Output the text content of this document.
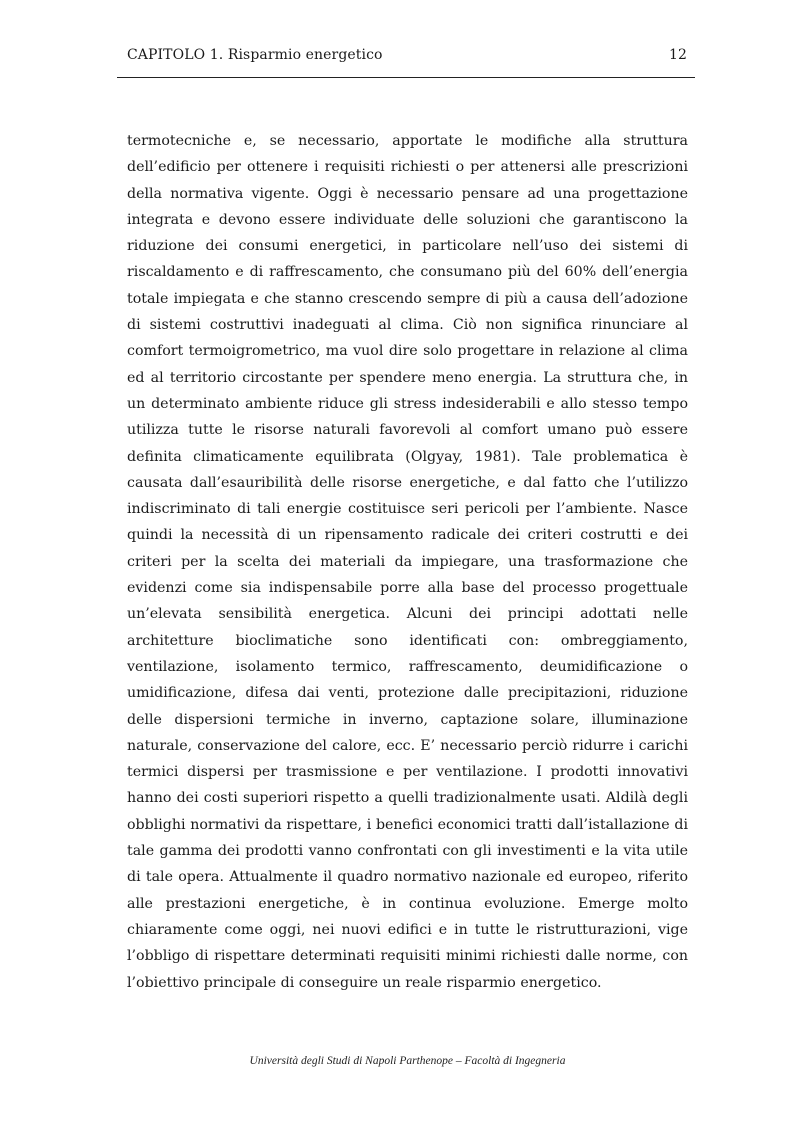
CAPITOLO 1. Risparmio energetico	12

termotecniche e, se necessario, apportate le modifiche alla struttura dell’edificio per ottenere i requisiti richiesti o per attenersi alle prescrizioni della normativa vigente. Oggi è necessario pensare ad una progettazione integrata e devono essere individuate delle soluzioni che garantiscono la riduzione dei consumi energetici, in particolare nell’uso dei sistemi di riscaldamento e di raffrescamento, che consumano più del 60% dell’energia totale impiegata e che stanno crescendo sempre di più a causa dell’adozione di sistemi costruttivi inadeguati al clima. Ciò non significa rinunciare al comfort termoigrometrico, ma vuol dire solo progettare in relazione al clima ed al territorio circostante per spendere meno energia. La struttura che, in un determinato ambiente riduce gli stress indesiderabili e allo stesso tempo utilizza tutte le risorse naturali favorevoli al comfort umano può essere definita climaticamente equilibrata (Olgyay, 1981). Tale problematica è causata dall’esauribilità delle risorse energetiche, e dal fatto che l’utilizzo indiscriminato di tali energie costituisce seri pericoli per l’ambiente. Nasce quindi la necessità di un ripensamento radicale dei criteri costrutti e dei criteri per la scelta dei materiali da impiegare, una trasformazione che evidenzi come sia indispensabile porre alla base del processo progettuale un’elevata sensibilità energetica. Alcuni dei principi adottati nelle architetture bioclimatiche sono identificati con: ombreggiamento, ventilazione, isolamento termico, raffrescamento, deumidificazione o umidificazione, difesa dai venti, protezione dalle precipitazioni, riduzione delle dispersioni termiche in inverno, captazione solare, illuminazione naturale, conservazione del calore, ecc. E’ necessario perciò ridurre i carichi termici dispersi per trasmissione e per ventilazione. I prodotti innovativi hanno dei costi superiori rispetto a quelli tradizionalmente usati. Aldilà degli obblighi normativi da rispettare, i benefici economici tratti dall’istallazione di tale gamma dei prodotti vanno confrontati con gli investimenti e la vita utile di tale opera. Attualmente il quadro normativo nazionale ed europeo, riferito alle prestazioni energetiche, è in continua evoluzione. Emerge molto chiaramente come oggi, nei nuovi edifici e in tutte le ristrutturazioni, vige l’obbligo di rispettare determinati requisiti minimi richiesti dalle norme, con l’obiettivo principale di conseguire un reale risparmio energetico.

Università degli Studi di Napoli Parthenope – Facoltà di Ingegneria
